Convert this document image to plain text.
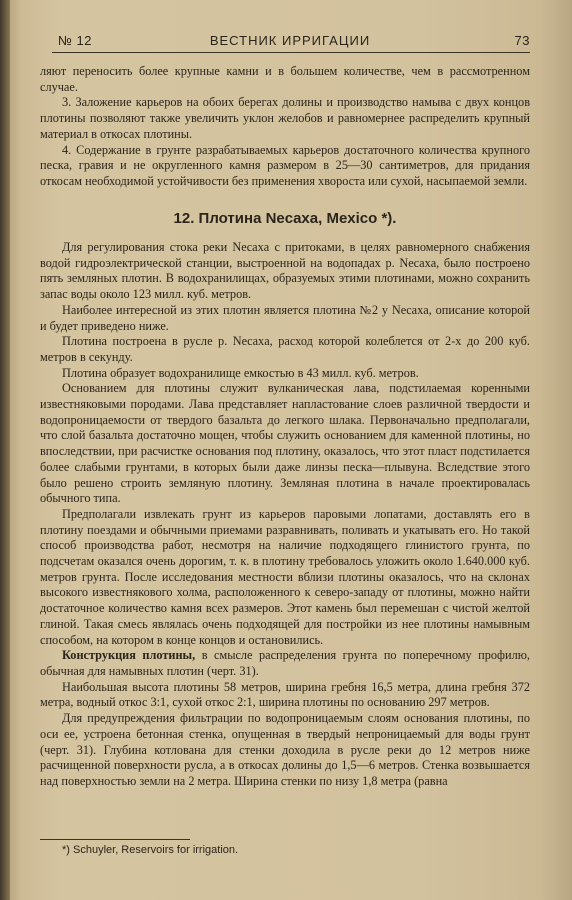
№ 12	ВЕСТНИК ИРРИГАЦИИ	73

ляют переносить более крупные камни и в большем количестве, чем в рассмотренном случае.

3. Заложение карьеров на обоих берегах долины и производство намыва с двух концов плотины позволяют также увеличить уклон желобов и равномернее распределить крупный материал в откосах плотины.

4. Содержание в грунте разрабатываемых карьеров достаточного количества крупного песка, гравия и не округленного камня размером в 25—30 сантиметров, для придания откосам необходимой устойчивости без применения хвороста или сухой, насыпаемой земли.

12. Плотина Necaxa, Mexico *).

Для регулирования стока реки Necaxa с притоками, в целях равномерного снабжения водой гидроэлектрической станции, выстроенной на водопадах р. Necaxa, было построено пять земляных плотин. В водохранилищах, образуемых этими плотинами, можно сохранить запас воды около 123 милл. куб. метров.

Наиболее интересной из этих плотин является плотина №2 у Necaxa, описание которой и будет приведено ниже.

Плотина построена в русле р. Necaxa, расход которой колеблется от 2-х до 200 куб. метров в секунду.

Плотина образует водохранилище емкостью в 43 милл. куб. метров.

Основанием для плотины служит вулканическая лава, подстилаемая коренными известняковыми породами. Лава представляет напластование слоев различной твердости и водопроницаемости от твердого базальта до легкого шлака. Первоначально предполагали, что слой базальта достаточно мощен, чтобы служить основанием для каменной плотины, но впоследствии, при расчистке основания под плотину, оказалось, что этот пласт подстилается более слабыми грунтами, в которых были даже линзы песка—плывуна. Вследствие этого было решено строить земляную плотину. Земляная плотина в начале проектировалась обычного типа.

Предполагали извлекать грунт из карьеров паровыми лопатами, доставлять его в плотину поездами и обычными приемами разравнивать, поливать и укатывать его. Но такой способ производства работ, несмотря на наличие подходящего глинистого грунта, по подсчетам оказался очень дорогим, т. к. в плотину требовалось уложить около 1.640.000 куб. метров грунта. После исследования местности вблизи плотины оказалось, что на склонах высокого известнякового холма, расположенного к северо-западу от плотины, можно найти достаточное количество камня всех размеров. Этот камень был перемешан с чистой желтой глиной. Такая смесь являлась очень подходящей для постройки из нее плотины намывным способом, на котором в конце концов и остановились.

Конструкция плотины, в смысле распределения грунта по поперечному профилю, обычная для намывных плотин (черт. 31).

Наибольшая высота плотины 58 метров, ширина гребня 16,5 метра, длина гребня 372 метра, водный откос 3:1, сухой откос 2:1, ширина плотины по основанию 297 метров.

Для предупреждения фильтрации по водопроницаемым слоям основания плотины, по оси ее, устроена бетонная стенка, опущенная в твердый непроницаемый для воды грунт (черт. 31). Глубина котлована для стенки доходила в русле реки до 12 метров ниже расчищенной поверхности русла, а в откосах долины до 1,5—6 метров. Стенка возвышается над поверхностью земли на 2 метра. Ширина стенки по низу 1,8 метра (равна

*) Schuyler, Reservoirs for irrigation.
